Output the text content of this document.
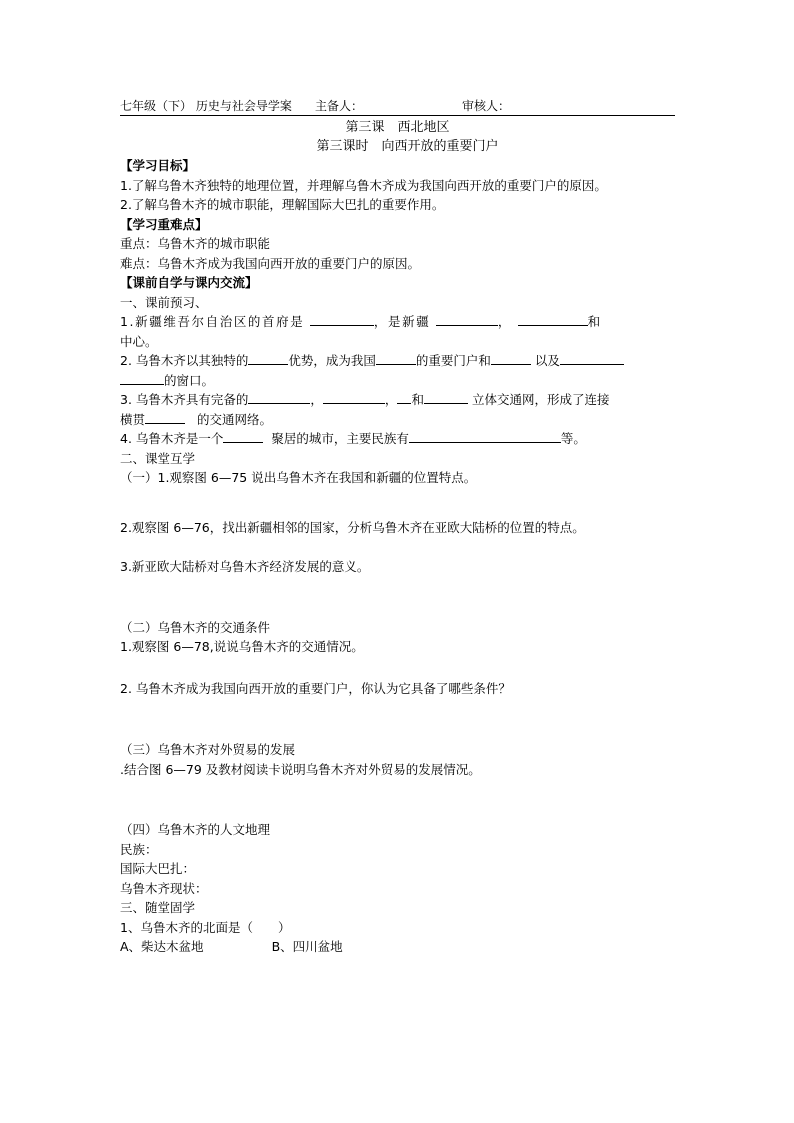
七年级（下） 历史与社会导学案 主备人：	审核人：
第三课　西北地区
第三课时　向西开放的重要门户
【学习目标】
1.了解乌鲁木齐独特的地理位置，并理解乌鲁木齐成为我国向西开放的重要门户的原因。
2.了解乌鲁木齐的城市职能，理解国际大巴扎的重要作用。
【学习重难点】
重点：乌鲁木齐的城市职能
难点：乌鲁木齐成为我国向西开放的重要门户的原因。
【课前自学与课内交流】
一、课前预习、
1.新疆维吾尔自治区的首府是	，是新疆	，	和
中心。
2. 乌鲁木齐以其独特的	优势，成为我国	的重要门户和	以及
的窗口。
3. 乌鲁木齐具有完备的	，	， 和	立体交通网，形成了连接
横贯	的交通网络。
4. 乌鲁木齐是一个	聚居的城市，主要民族有	等。
二、课堂互学
（一）1.观察图 6—75 说出乌鲁木齐在我国和新疆的位置特点。
2.观察图 6—76，找出新疆相邻的国家，分析乌鲁木齐在亚欧大陆桥的位置的特点。
3.新亚欧大陆桥对乌鲁木齐经济发展的意义。
（二）乌鲁木齐的交通条件
1.观察图 6—78,说说乌鲁木齐的交通情况。
2. 乌鲁木齐成为我国向西开放的重要门户，你认为它具备了哪些条件？
（三）乌鲁木齐对外贸易的发展
.结合图 6—79 及教材阅读卡说明乌鲁木齐对外贸易的发展情况。
（四）乌鲁木齐的人文地理
民族：
国际大巴扎：
乌鲁木齐现状：
三、随堂固学
1、乌鲁木齐的北面是（　　）
A、柴达木盆地	B、四川盆地
